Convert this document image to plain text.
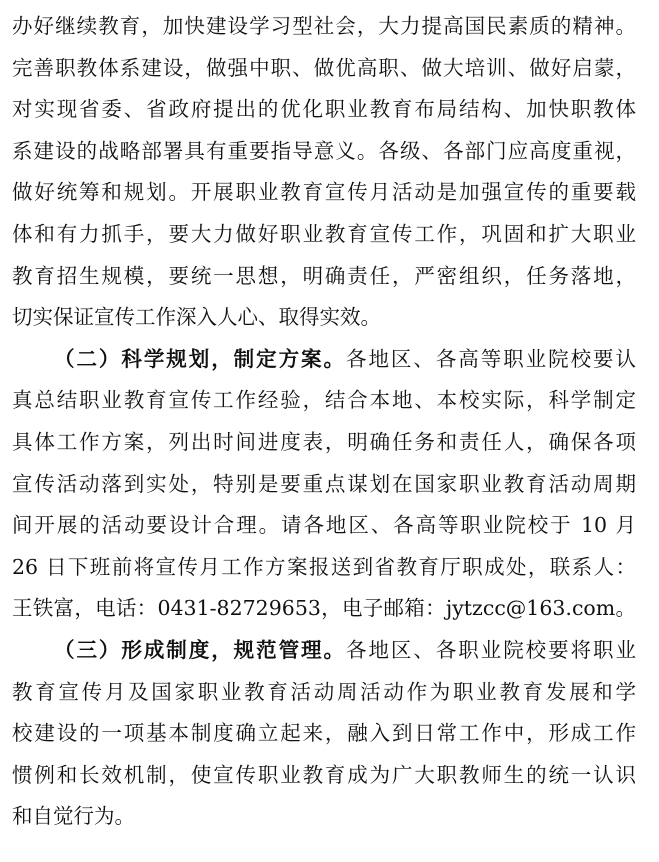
办好继续教育，加快建设学习型社会，大力提高国民素质的精神。
完善职教体系建设，做强中职、做优高职、做大培训、做好启蒙，
对实现省委、省政府提出的优化职业教育布局结构、加快职教体
系建设的战略部署具有重要指导意义。各级、各部门应高度重视，
做好统筹和规划。开展职业教育宣传月活动是加强宣传的重要载
体和有力抓手，要大力做好职业教育宣传工作，巩固和扩大职业
教育招生规模，要统一思想，明确责任，严密组织，任务落地，
切实保证宣传工作深入人心、取得实效。
（二）科学规划，制定方案。各地区、各高等职业院校要认
真总结职业教育宣传工作经验，结合本地、本校实际，科学制定
具体工作方案，列出时间进度表，明确任务和责任人，确保各项
宣传活动落到实处，特别是要重点谋划在国家职业教育活动周期
间开展的活动要设计合理。请各地区、各高等职业院校于 10 月
26 日下班前将宣传月工作方案报送到省教育厅职成处，联系人：
王铁富，电话：0431-82729653，电子邮箱：jytzcc@163.com。
（三）形成制度，规范管理。各地区、各职业院校要将职业
教育宣传月及国家职业教育活动周活动作为职业教育发展和学
校建设的一项基本制度确立起来，融入到日常工作中，形成工作
惯例和长效机制，使宣传职业教育成为广大职教师生的统一认识
和自觉行为。
